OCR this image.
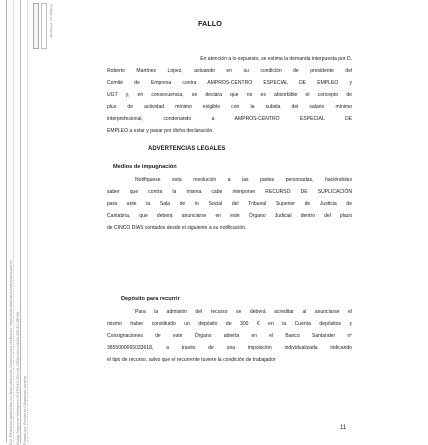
Doc. Electrónico garantizado con firma electrónica. Dirección para verificación: https://sede.administraciondejusticia.gob.es Código Seguro de Verificación: E04799400-MI:s+bL-OEAa-sVno-vA2dS-ZIf9-8i0i-i8PX6L Firmado por: Presidente / Magistrado ponente
Firmado por: Presidente	FALLO
En atención a lo expuesto, se estima la demanda interpuesta por D.
Roberto Martínez López, actuando en su condición de presidente del
Comité de Empresa contra AMPROS-CENTRO ESPECIAL DE EMPLEO y
UGT y, en consecuencia, se declara que no es absorbible el concepto de
plus de actividad mínimo exigible con la subida del salario mínimo
interprofesional, condenando a AMPROS-CENTRO ESPECIAL DE
EMPLEO a estar y pasar por dicha declaración.
ADVERTENCIAS LEGALES
Medios de impugnación
Notifíquese esta resolución a las partes personadas, haciéndoles
saber que contra la misma cabe interponer RECURSO DE SUPLICACIÓN
para ante la Sala de lo Social del Tribunal Superior de Justicia de
Cantabria, que deberá anunciarse en este Órgano Judicial dentro del plazo
de CINCO DÍAS contados desde el siguiente a su notificación.
Depósito para recurrir
Para la admisión del recurso se deberá acreditar al anunciarse el
mismo haber constituido un depósito de 300 € en la Cuenta depósitos y
Consignaciones de este Órgano abierta en el Banco Santander nº
3855000065033618, a través de una imposición individualizada indicando
el tipo de recurso, salvo que el recurrente tuviere la condición de trabajador
11
